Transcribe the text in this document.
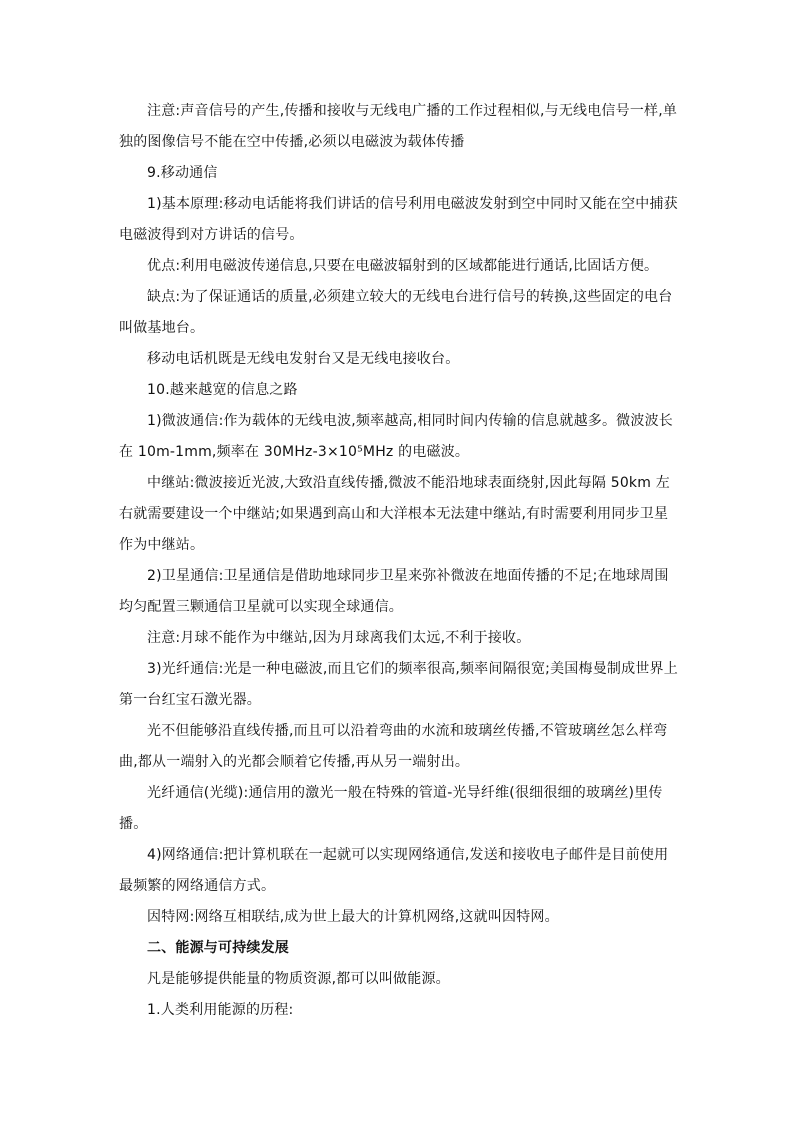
注意:声音信号的产生,传播和接收与无线电广播的工作过程相似,与无线电信号一样,单独的图像信号不能在空中传播,必须以电磁波为载体传播

9.移动通信

1)基本原理:移动电话能将我们讲话的信号利用电磁波发射到空中同时又能在空中捕获电磁波得到对方讲话的信号。

优点:利用电磁波传递信息,只要在电磁波辐射到的区域都能进行通话,比固话方便。

缺点:为了保证通话的质量,必须建立较大的无线电台进行信号的转换,这些固定的电台叫做基地台。

移动电话机既是无线电发射台又是无线电接收台。

10.越来越宽的信息之路

1)微波通信:作为载体的无线电波,频率越高,相同时间内传输的信息就越多。微波波长在 10m-1mm,频率在 30MHz-3×10⁵MHz 的电磁波。

中继站:微波接近光波,大致沿直线传播,微波不能沿地球表面绕射,因此每隔 50km 左右就需要建设一个中继站;如果遇到高山和大洋根本无法建中继站,有时需要利用同步卫星作为中继站。

2)卫星通信:卫星通信是借助地球同步卫星来弥补微波在地面传播的不足;在地球周围均匀配置三颗通信卫星就可以实现全球通信。

注意:月球不能作为中继站,因为月球离我们太远,不利于接收。

3)光纤通信:光是一种电磁波,而且它们的频率很高,频率间隔很宽;美国梅曼制成世界上第一台红宝石激光器。

光不但能够沿直线传播,而且可以沿着弯曲的水流和玻璃丝传播,不管玻璃丝怎么样弯曲,都从一端射入的光都会顺着它传播,再从另一端射出。

光纤通信(光缆):通信用的激光一般在特殊的管道-光导纤维(很细很细的玻璃丝)里传播。

4)网络通信:把计算机联在一起就可以实现网络通信,发送和接收电子邮件是目前使用最频繁的网络通信方式。

因特网:网络互相联结,成为世上最大的计算机网络,这就叫因特网。

二、能源与可持续发展

凡是能够提供能量的物质资源,都可以叫做能源。

1.人类利用能源的历程:
